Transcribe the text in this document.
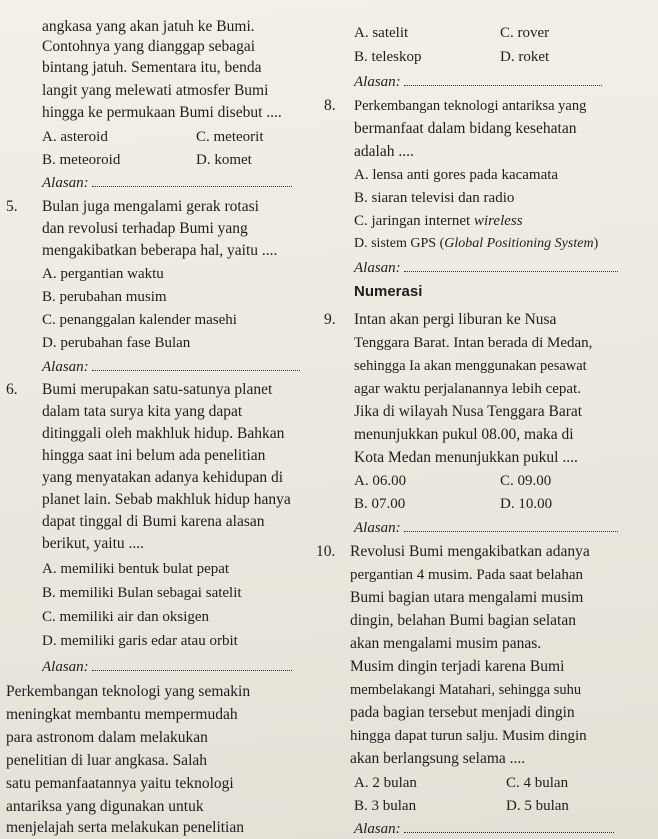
angkasa yang akan jatuh ke Bumi.
Contohnya yang dianggap sebagai
bintang jatuh. Sementara itu, benda
langit yang melewati atmosfer Bumi
hingga ke permukaan Bumi disebut ....
A. asteroid	C. meteorit
B. meteoroid	D. komet
Alasan:
5. Bulan juga mengalami gerak rotasi
dan revolusi terhadap Bumi yang
mengakibatkan beberapa hal, yaitu ....
A. pergantian waktu
B. perubahan musim
C. penanggalan kalender masehi
D. perubahan fase Bulan
Alasan:
6. Bumi merupakan satu-satunya planet
dalam tata surya kita yang dapat
ditinggali oleh makhluk hidup. Bahkan
hingga saat ini belum ada penelitian
yang menyatakan adanya kehidupan di
planet lain. Sebab makhluk hidup hanya
dapat tinggal di Bumi karena alasan
berikut, yaitu ....
A. memiliki bentuk bulat pepat
B. memiliki Bulan sebagai satelit
C. memiliki air dan oksigen
D. memiliki garis edar atau orbit
Alasan:
Perkembangan teknologi yang semakin
meningkat membantu mempermudah
para astronom dalam melakukan
penelitian di luar angkasa. Salah
satu pemanfaatannya yaitu teknologi
antariksa yang digunakan untuk
menjelajah serta melakukan penelitian
A. satelit	C. rover
B. teleskop	D. roket
Alasan:
8. Perkembangan teknologi antariksa yang
bermanfaat dalam bidang kesehatan
adalah ....
A. lensa anti gores pada kacamata
B. siaran televisi dan radio
C. jaringan internet wireless
D. sistem GPS (Global Positioning System)
Alasan:
Numerasi
9. Intan akan pergi liburan ke Nusa
Tenggara Barat. Intan berada di Medan,
sehingga Ia akan menggunakan pesawat
agar waktu perjalanannya lebih cepat.
Jika di wilayah Nusa Tenggara Barat
menunjukkan pukul 08.00, maka di
Kota Medan menunjukkan pukul ....
A. 06.00	C. 09.00
B. 07.00	D. 10.00
Alasan:
10. Revolusi Bumi mengakibatkan adanya
pergantian 4 musim. Pada saat belahan
Bumi bagian utara mengalami musim
dingin, belahan Bumi bagian selatan
akan mengalami musim panas.
Musim dingin terjadi karena Bumi
membelakangi Matahari, sehingga suhu
pada bagian tersebut menjadi dingin
hingga dapat turun salju. Musim dingin
akan berlangsung selama ....
A. 2 bulan	C. 4 bulan
B. 3 bulan	D. 5 bulan
Alasan:
